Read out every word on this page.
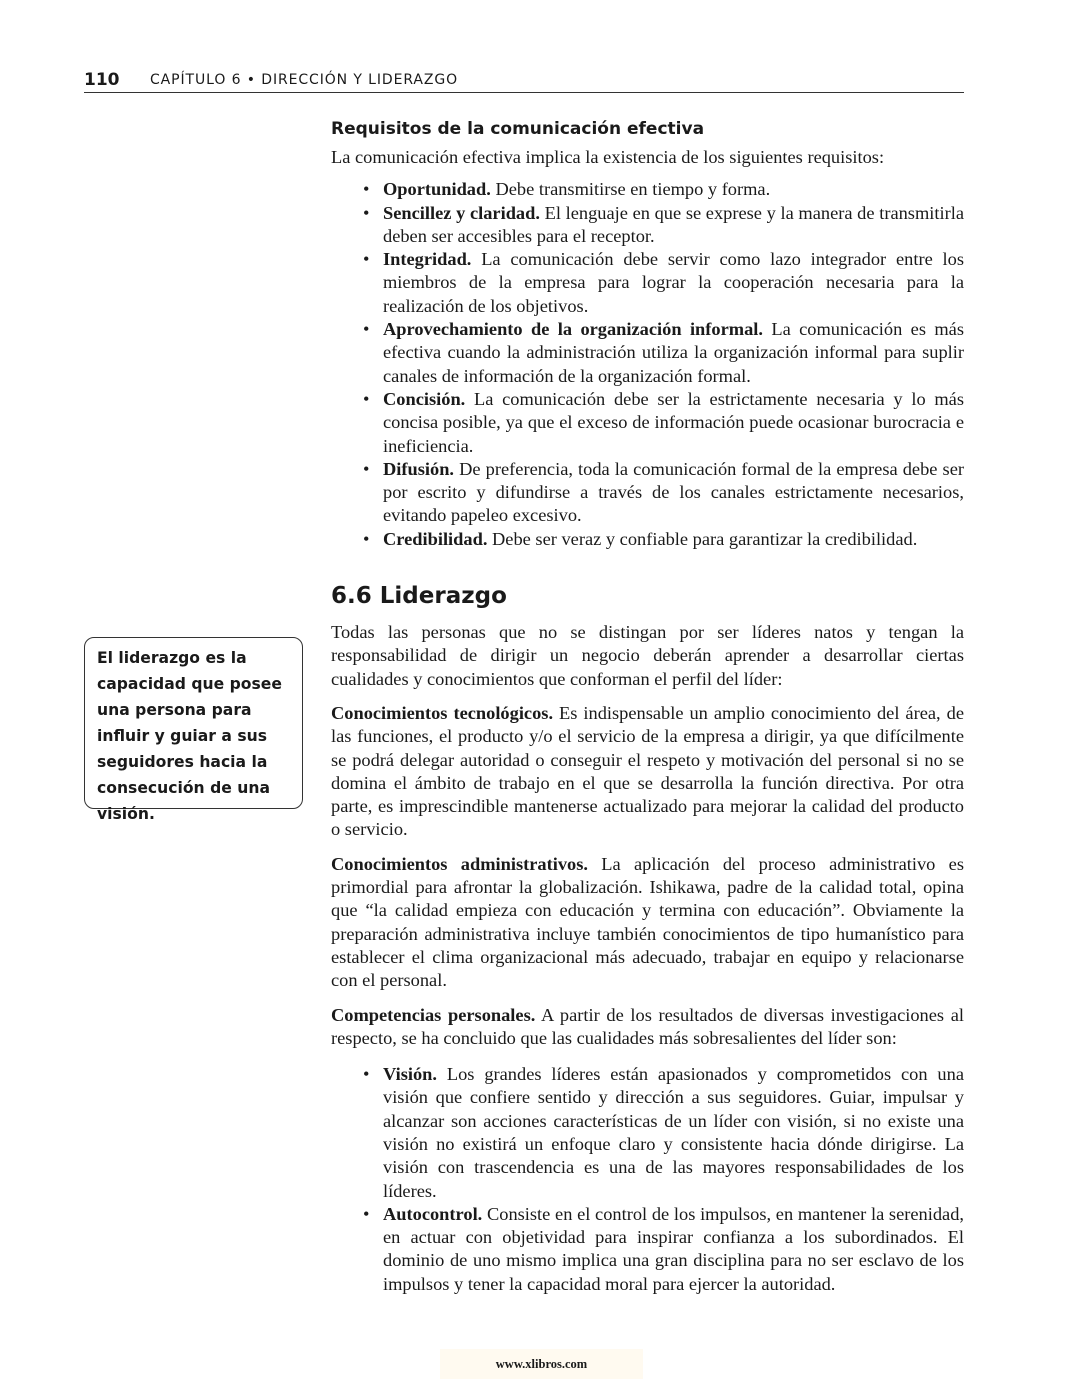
110 CAPÍTULO 6 • DIRECCIÓN Y LIDERAZGO
El liderazgo es la capacidad que posee una persona para influir y guiar a sus seguidores hacia la consecución de una visión.
Requisitos de la comunicación efectiva

La comunicación efectiva implica la existencia de los siguientes requisitos:

• Oportunidad. Debe transmitirse en tiempo y forma.
• Sencillez y claridad. El lenguaje en que se exprese y la manera de transmitirla deben ser accesibles para el receptor.
• Integridad. La comunicación debe servir como lazo integrador entre los miembros de la empresa para lograr la cooperación necesaria para la realización de los objetivos.
• Aprovechamiento de la organización informal. La comunicación es más efectiva cuando la administración utiliza la organización informal para suplir canales de información de la organización formal.
• Concisión. La comunicación debe ser la estrictamente necesaria y lo más concisa posible, ya que el exceso de información puede ocasionar burocracia e ineficiencia.
• Difusión. De preferencia, toda la comunicación formal de la empresa debe ser por escrito y difundirse a través de los canales estrictamente necesarios, evitando papeleo excesivo.
• Credibilidad. Debe ser veraz y confiable para garantizar la credibilidad.
6.6 Liderazgo

Todas las personas que no se distingan por ser líderes natos y tengan la responsabilidad de dirigir un negocio deberán aprender a desarrollar ciertas cualidades y conocimientos que conforman el perfil del líder:

Conocimientos tecnológicos. Es indispensable un amplio conocimiento del área, de las funciones, el producto y/o el servicio de la empresa a dirigir, ya que difícilmente se podrá delegar autoridad o conseguir el respeto y motivación del personal si no se domina el ámbito de trabajo en el que se desarrolla la función directiva. Por otra parte, es imprescindible mantenerse actualizado para mejorar la calidad del producto o servicio.

Conocimientos administrativos. La aplicación del proceso administrativo es primordial para afrontar la globalización. Ishikawa, padre de la calidad total, opina que “la calidad empieza con educación y termina con educación”. Obviamente la preparación administrativa incluye también conocimientos de tipo humanístico para establecer el clima organizacional más adecuado, trabajar en equipo y relacionarse con el personal.

Competencias personales. A partir de los resultados de diversas investigaciones al respecto, se ha concluido que las cualidades más sobresalientes del líder son:

• Visión. Los grandes líderes están apasionados y comprometidos con una visión que confiere sentido y dirección a sus seguidores. Guiar, impulsar y alcanzar son acciones características de un líder con visión, si no existe una visión no existirá un enfoque claro y consistente hacia dónde dirigirse. La visión con trascendencia es una de las mayores responsabilidades de los líderes.
• Autocontrol. Consiste en el control de los impulsos, en mantener la serenidad, en actuar con objetividad para inspirar confianza a los subordinados. El dominio de uno mismo implica una gran disciplina para no ser esclavo de los impulsos y tener la capacidad moral para ejercer la autoridad.
www.xlibros.com
